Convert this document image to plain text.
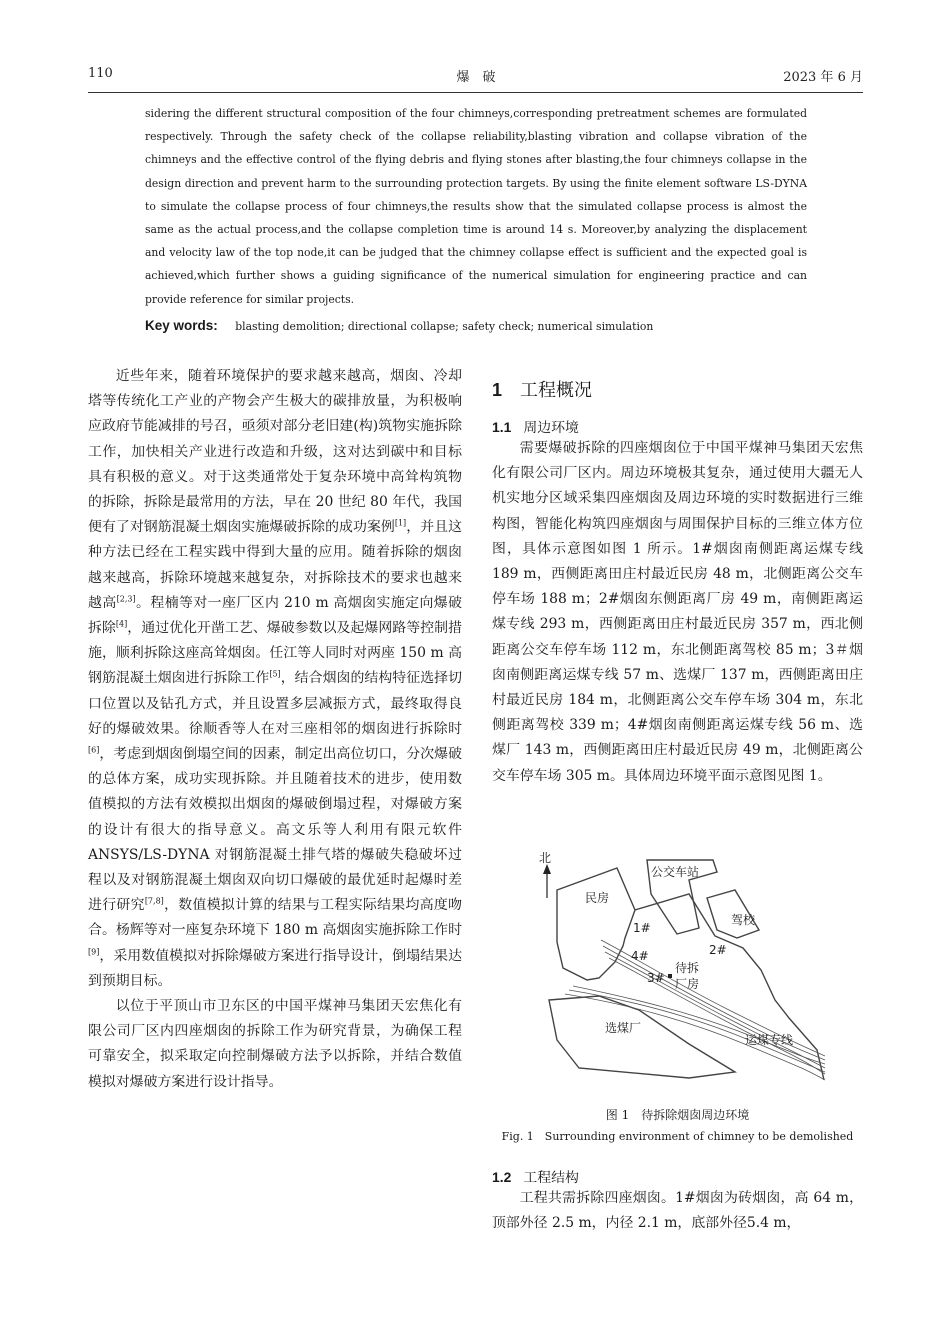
110	爆　破	2023 年 6 月
sidering the different structural composition of the four chimneys,corresponding pretreatment schemes are formulated respectively. Through the safety check of the collapse reliability,blasting vibration and collapse vibration of the chimneys and the effective control of the flying debris and flying stones after blasting,the four chimneys collapse in the design direction and prevent harm to the surrounding protection targets. By using the finite element software LS-DYNA to simulate the collapse process of four chimneys,the results show that the simulated collapse process is almost the same as the actual process,and the collapse completion time is around 14 s. Moreover,by analyzing the displacement and velocity law of the top node,it can be judged that the chimney collapse effect is sufficient and the expected goal is achieved,which further shows a guiding significance of the numerical simulation for engineering practice and can provide reference for similar projects.
Key words: blasting demolition; directional collapse; safety check; numerical simulation

近些年来，随着环境保护的要求越来越高，烟囱、冷却塔等传统化工产业的产物会产生极大的碳排放量，为积极响应政府节能减排的号召，亟须对部分老旧建(构)筑物实施拆除工作，加快相关产业进行改造和升级，这对达到碳中和目标具有积极的意义。对于这类通常处于复杂环境中高耸构筑物的拆除，拆除是最常用的方法，早在 20 世纪 80 年代，我国便有了对钢筋混凝土烟囱实施爆破拆除的成功案例[1]，并且这种方法已经在工程实践中得到大量的应用。随着拆除的烟囱越来越高，拆除环境越来越复杂，对拆除技术的要求也越来越高[2,3]。程楠等对一座厂区内 210 m 高烟囱实施定向爆破拆除[4]，通过优化开凿工艺、爆破参数以及起爆网路等控制措施，顺利拆除这座高耸烟囱。任江等人同时对两座 150 m 高钢筋混凝土烟囱进行拆除工作[5]，结合烟囱的结构特征选择切口位置以及钻孔方式，并且设置多层减振方式，最终取得良好的爆破效果。徐顺香等人在对三座相邻的烟囱进行拆除时[6]，考虑到烟囱倒塌空间的因素，制定出高位切口，分次爆破的总体方案，成功实现拆除。并且随着技术的进步，使用数值模拟的方法有效模拟出烟囱的爆破倒塌过程，对爆破方案的设计有很大的指导意义。高文乐等人利用有限元软件 ANSYS/LS-DYNA 对钢筋混凝土排气塔的爆破失稳破坏过程以及对钢筋混凝土烟囱双向切口爆破的最优延时起爆时差进行研究[7,8]，数值模拟计算的结果与工程实际结果均高度吻合。杨辉等对一座复杂环境下 180 m 高烟囱实施拆除工作时[9]，采用数值模拟对拆除爆破方案进行指导设计，倒塌结果达到预期目标。

以位于平顶山市卫东区的中国平煤神马集团天宏焦化有限公司厂区内四座烟囱的拆除工作为研究背景，为确保工程可靠安全，拟采取定向控制爆破方法予以拆除，并结合数值模拟对爆破方案进行设计指导。

1 工程概况
1.1 周边环境

需要爆破拆除的四座烟囱位于中国平煤神马集团天宏焦化有限公司厂区内。周边环境极其复杂，通过使用大疆无人机实地分区域采集四座烟囱及周边环境的实时数据进行三维构图，智能化构筑四座烟囱与周围保护目标的三维立体方位图，具体示意图如图 1 所示。1#烟囱南侧距离运煤专线 189 m，西侧距离田庄村最近民房 48 m，北侧距离公交车停车场 188 m；2#烟囱东侧距离厂房 49 m，南侧距离运煤专线 293 m，西侧距离田庄村最近民房 357 m，西北侧距离公交车停车场 112 m，东北侧距离驾校 85 m；3＃烟囱南侧距离运煤专线 57 m、选煤厂 137 m，西侧距离田庄村最近民房 184 m，北侧距离公交车停车场 304 m，东北侧距离驾校 339 m；4#烟囱南侧距离运煤专线 56 m、选煤厂 143 m，西侧距离田庄村最近民房 49 m，北侧距离公交车停车场 305 m。具体周边环境平面示意图见图 1。

北
民房
公交车站
驾校
1#
4#	2#
3#
待拆
厂房
选煤厂
运煤专线
图 1　待拆除烟囱周边环境
Fig. 1　Surrounding environment of chimney to be demolished
1.2 工程结构

工程共需拆除四座烟囱。1#烟囱为砖烟囱，高 64 m，顶部外径 2.5 m，内径 2.1 m，底部外径5.4 m，
